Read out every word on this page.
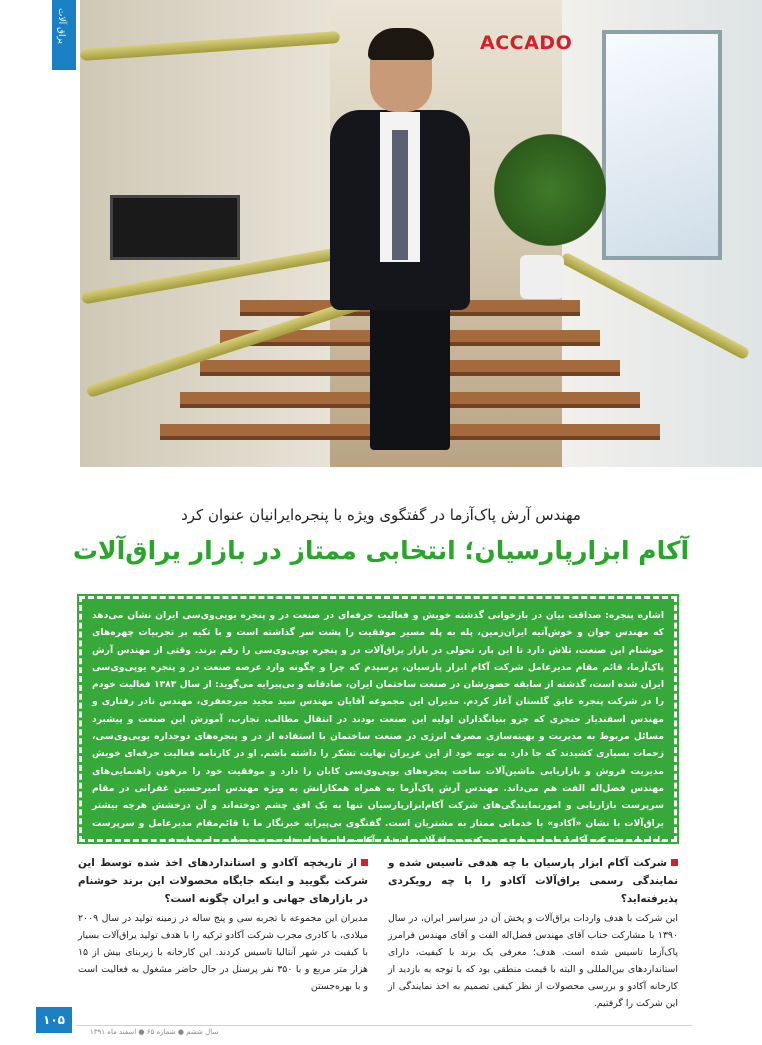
ACCADO
یراق آلات
مهندس آرش پاک‌آزما در گفتگوی ویژه با پنجره‌ایرانیان عنوان کرد
آکام ابزارپارسیان؛ انتخابی ممتاز در بازار یراق‌آلات

اشاره پنجره: صداقت بیان در بازخوانی گذشته خویش و فعالیت حرفه‌ای در صنعت در و پنجره یوپی‌وی‌سی ایران نشان می‌دهد که مهندس جوان و خوش‌آتیه ایران‌زمین، پله به پله مسیر موفقیت را پشت سر گذاشته است و با تکیه بر تجربیات چهره‌های خوشنام این صنعت، تلاش دارد تا این بار، تحولی در بازار یراق‌آلات در و پنجره یوپی‌وی‌سی را رقم بزند. وقتی از مهندس آرش پاک‌آزما، قائم مقام مدیرعامل شرکت آکام ابزار پارسیان، پرسیدم که چرا و چگونه وارد عرصه صنعت در و پنجره یوپی‌وی‌سی ایران شده است، گذشته از سابقه حضورشان در صنعت ساختمان ایران، صادقانه و بی‌پیرایه می‌گوید: از سال ۱۳۸۳ فعالیت خودم را در شرکت پنجره عایق گلستان آغاز کردم. مدیران این مجموعه آقایان مهندس سید مجید میرجعفری، مهندس نادر رفتاری و مهندس اسفندیار حنجری که جزو بنیانگذاران اولیه این صنعت بودند در انتقال مطالب، تجارب، آموزش این صنعت و پیشبرد مسائل مربوط به مدیریت و بهینه‌سازی مصرف انرژی در صنعت ساختمان با استفاده از در و پنجره‌های دوجداره یوپی‌وی‌سی، زحمات بسیاری کشیدند که جا دارد به نوبه خود از این عزیزان نهایت تشکر را داشته باشم. او در کارنامه فعالیت حرفه‌ای خویش مدیریت فروش و بازاریابی ماشین‌آلات ساخت پنجره‌های یوپی‌وی‌سی کابان را دارد و موفقیت خود را مرهون راهنمایی‌های مهندس فضل‌اله الفت هم می‌داند. مهندس آرش پاک‌آزما به همراه همکارانش به ویژه مهندس امیرحسین غفرانی در مقام سرپرست بازاریابی و امورنمایندگی‌های شرکت آکام‌ابزارپارسیان تنها به یک افق چشم دوخته‌اند و آن درخشش هرچه بیشتر یراق‌آلات با نشان «آکادو» با خدماتی ممتاز به مشتریان است. گفتگوی بی‌پیرایه خبرنگار ما با قائم‌مقام مدیرعامل و سرپرست بازاریابی شرکت آکام‌ابزارپارسیان عرضه‌کننده یراق‌آلات با نشان آکادو با استانداردهای معتبر جهانی را بخوانید:

شرکت آکام ابزار پارسیان با چه هدفی تاسیس شده و نمایندگی رسمی یراق‌آلات آکادو را با چه رویکردی پذیرفته‌اید؟

این شرکت با هدف واردات یراق‌آلات و پخش آن در سراسر ایران، در سال ۱۳۹۰ با مشارکت جناب آقای مهندس فضل‌اله الفت و آقای مهندس فرامرز پاک‌آزما تاسیس شده است. هدف؛ معرفی یک برند با کیفیت، دارای استانداردهای بین‌المللی و البته با قیمت منطقی بود که با توجه به بازدید از کارخانه آکادو و بررسی محصولات از نظر کیفی تصمیم به اخذ نمایندگی از این شرکت را گرفتیم.

از تاریخچه آکادو و استانداردهای اخذ شده توسط این شرکت بگویید و اینکه جایگاه محصولات این برند خوشنام در بازارهای جهانی و ایران چگونه است؟

مدیران این مجموعه با تجربه سی و پنج ساله در زمینه تولید در سال ۲۰۰۹ میلادی، با کادری مجرب شرکت آکادو ترکیه را با هدف تولید یراق‌آلات بسیار با کیفیت در شهر آنتالیا تاسیس کردند. این کارخانه با زیربنای بیش از ۱۵ هزار متر مربع و با ۳۵۰ نفر پرسنل در حال حاضر مشغول به فعالیت است و با بهره‌جستن

سال ششم ● شماره ۶۵ ● اسفند ماه ۱۳۹۱
۱۰۵
